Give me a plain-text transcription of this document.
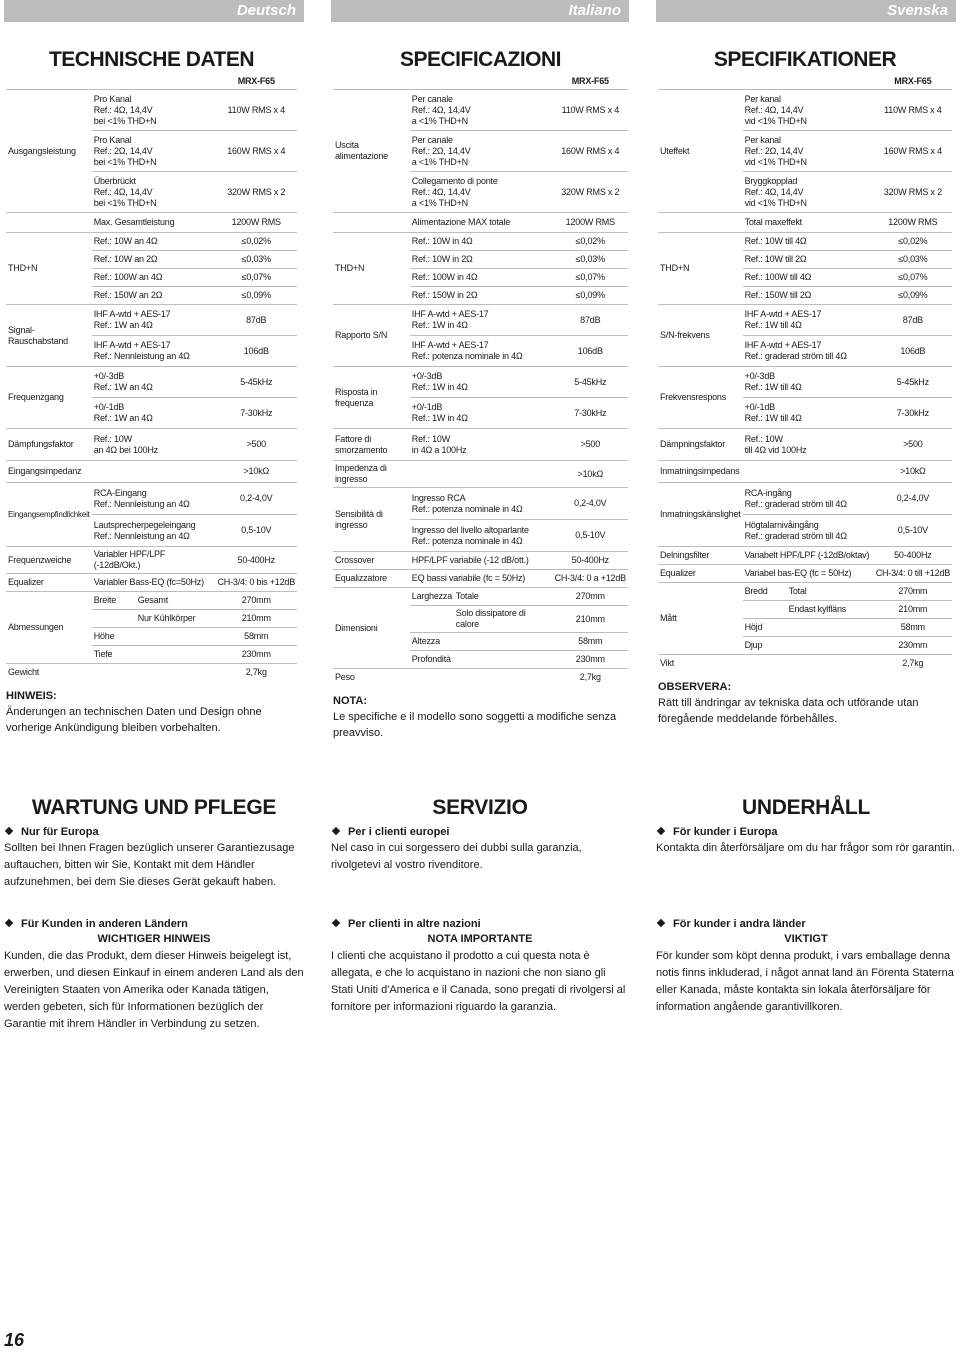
Deutsch	Italiano	Svenska
TECHNISCHE DATEN
		MRX-F65
Ausgangsleistung	Pro Kanal
Ref.: 4Ω, 14,4V
bei <1% THD+N	110W RMS x 4

	Pro Kanal
Ref.: 2Ω, 14,4V
bei <1% THD+N	160W RMS x 4

	Überbrückt
Ref.: 4Ω, 14,4V
bei <1% THD+N	320W RMS x 2

	Max. Gesamtleistung	1200W RMS
THD+N	Ref.: 10W an 4Ω	≤0,02%

	Ref.: 10W an 2Ω	≤0,03%

	Ref.: 100W an 4Ω	≤0,07%

	Ref.: 150W an 2Ω	≤0,09%
Signal-
Rauschabstand	IHF A-wtd + AES-17
Ref.: 1W an 4Ω	87dB

	IHF A-wtd + AES-17
Ref.: Nennleistung an 4Ω	106dB
Frequenzgang	+0/-3dB
Ref.: 1W an 4Ω	5-45kHz

	+0/-1dB
Ref.: 1W an 4Ω	7-30kHz
Dämpfungsfaktor	Ref.: 10W
an 4Ω bei 100Hz	>500
Eingangsimpedanz		>10kΩ
Eingangsempfindlichkeit	RCA-Eingang
Ref.: Nennleistung an 4Ω	0,2-4,0V

	Lautsprecherpegeleingang
Ref.: Nennleistung an 4Ω	0,5-10V
Frequenzweiche	Variabler HPF/LPF (-12dB/Okt.)	50-400Hz
Equalizer	Variabler Bass-EQ (fc=50Hz)	CH-3/4: 0 bis +12dB
Abmessungen	Breite Gesamt	270mm

	Nur Kühlkörper	210mm

	Höhe	58mm

	Tiefe	230mm
Gewicht		2,7kg
HINWEIS:

Änderungen an technischen Daten und Design ohne vorherige Ankündigung bleiben vorbehalten.

SPECIFICAZIONI
		MRX-F65
Uscita alimentazione	Per canale
Ref.: 4Ω, 14,4V
a <1% THD+N	110W RMS x 4

	Per canale
Ref.: 2Ω, 14,4V
a <1% THD+N	160W RMS x 4

	Collegamento di ponte
Ref.: 4Ω, 14,4V
a <1% THD+N	320W RMS x 2

	Alimentazione MAX totale	1200W RMS
THD+N	Ref.: 10W in 4Ω	≤0,02%

	Ref.: 10W in 2Ω	≤0,03%

	Ref.: 100W in 4Ω	≤0,07%

	Ref.: 150W in 2Ω	≤0,09%
Rapporto S/N	IHF A-wtd + AES-17
Ref.: 1W in 4Ω	87dB

	IHF A-wtd + AES-17
Ref.: potenza nominale in 4Ω	106dB
Risposta in
frequenza	+0/-3dB
Ref.: 1W in 4Ω	5-45kHz

	+0/-1dB
Ref.: 1W in 4Ω	7-30kHz
Fattore di
smorzamento	Ref.: 10W
in 4Ω a 100Hz	>500
Impedenza di ingresso		>10kΩ
Sensibilità di
ingresso	Ingresso RCA
Ref.: potenza nominale in 4Ω	0,2-4,0V

	Ingresso del livello altoparlante
Ref.: potenza nominale in 4Ω	0,5-10V
Crossover	HPF/LPF variabile (-12 dB/ott.)	50-400Hz
Equalizzatore	EQ bassi variabile (fc = 50Hz)	CH-3/4: 0 a +12dB
Dimensioni	Larghezza Totale	270mm

	Solo dissipatore di
calore	210mm

	Altezza	58mm

	Profondità	230mm
Peso		2,7kg
NOTA:

Le specifiche e il modello sono soggetti a modifiche senza preavviso.

SPECIFIKATIONER
		MRX-F65
Uteffekt	Per kanal
Ref.: 4Ω, 14,4V
vid <1% THD+N	110W RMS x 4

	Per kanal
Ref.: 2Ω, 14,4V
vid <1% THD+N	160W RMS x 4

	Bryggkopplad
Ref.: 4Ω, 14,4V
vid <1% THD+N	320W RMS x 2

	Total maxeffekt	1200W RMS
THD+N	Ref.: 10W till 4Ω	≤0,02%

	Ref.: 10W till 2Ω	≤0,03%

	Ref.: 100W till 4Ω	≤0,07%

	Ref.: 150W till 2Ω	≤0,09%
S/N-frekvens	IHF A-wtd + AES-17
Ref.: 1W till 4Ω	87dB

	IHF A-wtd + AES-17
Ref.: graderad ström till 4Ω	106dB
Frekvensrespons	+0/-3dB
Ref.: 1W till 4Ω	5-45kHz

	+0/-1dB
Ref.: 1W till 4Ω	7-30kHz
Dämpningsfaktor	Ref.: 10W
till 4Ω vid 100Hz	>500
Inmatningsimpedans		>10kΩ
Inmatningskänslighet	RCA-ingång
Ref.: graderad ström till 4Ω	0,2-4,0V

	Högtalarnivåingång
Ref.: graderad ström till 4Ω	0,5-10V
Delningsfilter	Variabelt HPF/LPF (-12dB/oktav)	50-400Hz
Equalizer	Variabel bas-EQ (fc = 50Hz)	CH-3/4: 0 till +12dB
Mått	Bredd Total	270mm

	Endast kylfläns	210mm

	Höjd	58mm

	Djup	230mm
Vikt		2,7kg
OBSERVERA:

Rätt till ändringar av tekniska data och utförande utan föregående meddelande förbehålles.

16
WARTUNG UND PFLEGE
Nur für Europa

Sollten bei Ihnen Fragen bezüglich unserer Garantiezusage auftauchen, bitten wir Sie, Kontakt mit dem Händler aufzunehmen, bei dem Sie dieses Gerät gekauft haben.

Für Kunden in anderen Ländern
WICHTIGER HINWEIS

Kunden, die das Produkt, dem dieser Hinweis beigelegt ist, erwerben, und diesen Einkauf in einem anderen Land als den Vereinigten Staaten von Amerika oder Kanada tätigen, werden gebeten, sich für Informationen bezüglich der Garantie mit ihrem Händler in Verbindung zu setzen.

SERVIZIO
Per i clienti europei

Nel caso in cui sorgessero dei dubbi sulla garanzia, rivolgetevi al vostro rivenditore.

Per clienti in altre nazioni
NOTA IMPORTANTE

I clienti che acquistano il prodotto a cui questa nota è allegata, e che lo acquistano in nazioni che non siano gli Stati Uniti d'America e il Canada, sono pregati di rivolgersi al fornitore per informazioni riguardo la garanzia.

UNDERHÅLL
För kunder i Europa

Kontakta din återförsäljare om du har frågor som rör garantin.

För kunder i andra länder
VIKTIGT

För kunder som köpt denna produkt, i vars emballage denna notis finns inkluderad, i något annat land än Förenta Staterna eller Kanada, måste kontakta sin lokala återförsäljare för information angående garantivillkoren.
